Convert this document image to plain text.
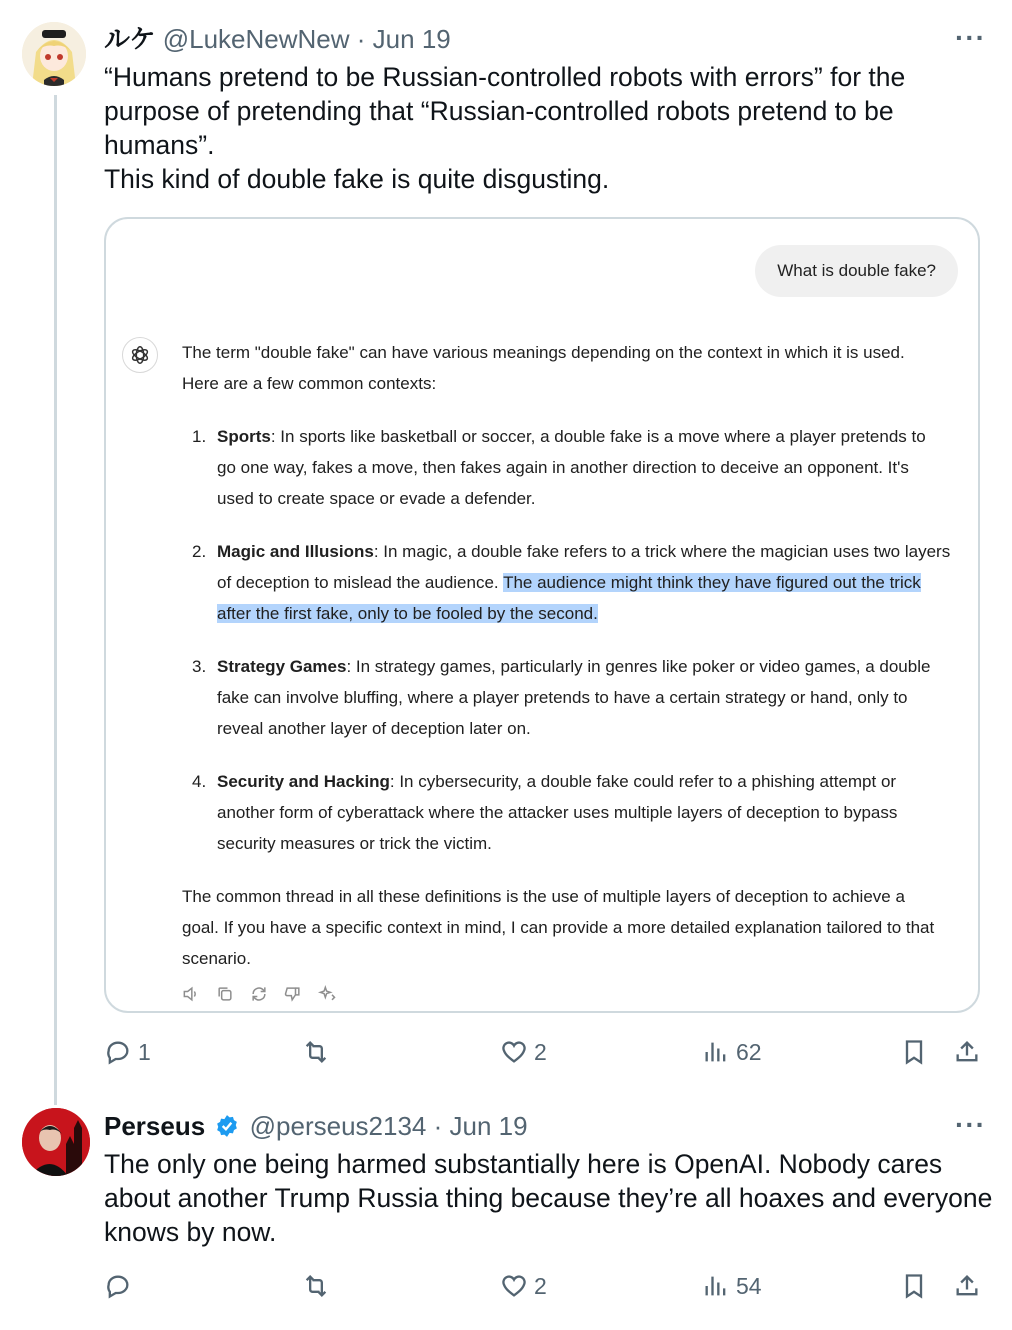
ルケ @LukeNewNew · Jun 19	···
“Humans pretend to be Russian-controlled robots with errors” for the
purpose of pretending that “Russian-controlled robots pretend to be
humans”.
This kind of double fake is quite disgusting.
What is double fake?
The term "double fake" can have various meanings depending on the context in which it is used.
Here are a few common contexts:
1. Sports: In sports like basketball or soccer, a double fake is a move where a player pretends to
go one way, fakes a move, then fakes again in another direction to deceive an opponent. It's
used to create space or evade a defender.
2. Magic and Illusions: In magic, a double fake refers to a trick where the magician uses two layers
of deception to mislead the audience. The audience might think they have figured out the trick
after the first fake, only to be fooled by the second.
3. Strategy Games: In strategy games, particularly in genres like poker or video games, a double
fake can involve bluffing, where a player pretends to have a certain strategy or hand, only to
reveal another layer of deception later on.
4. Security and Hacking: In cybersecurity, a double fake could refer to a phishing attempt or
another form of cyberattack where the attacker uses multiple layers of deception to bypass
security measures or trick the victim.
The common thread in all these definitions is the use of multiple layers of deception to achieve a
goal. If you have a specific context in mind, I can provide a more detailed explanation tailored to that
scenario.
1	2	62
Perseus @perseus2134 · Jun 19	···
The only one being harmed substantially here is OpenAI. Nobody cares
about another Trump Russia thing because they’re all hoaxes and everyone
knows by now.
2	54
